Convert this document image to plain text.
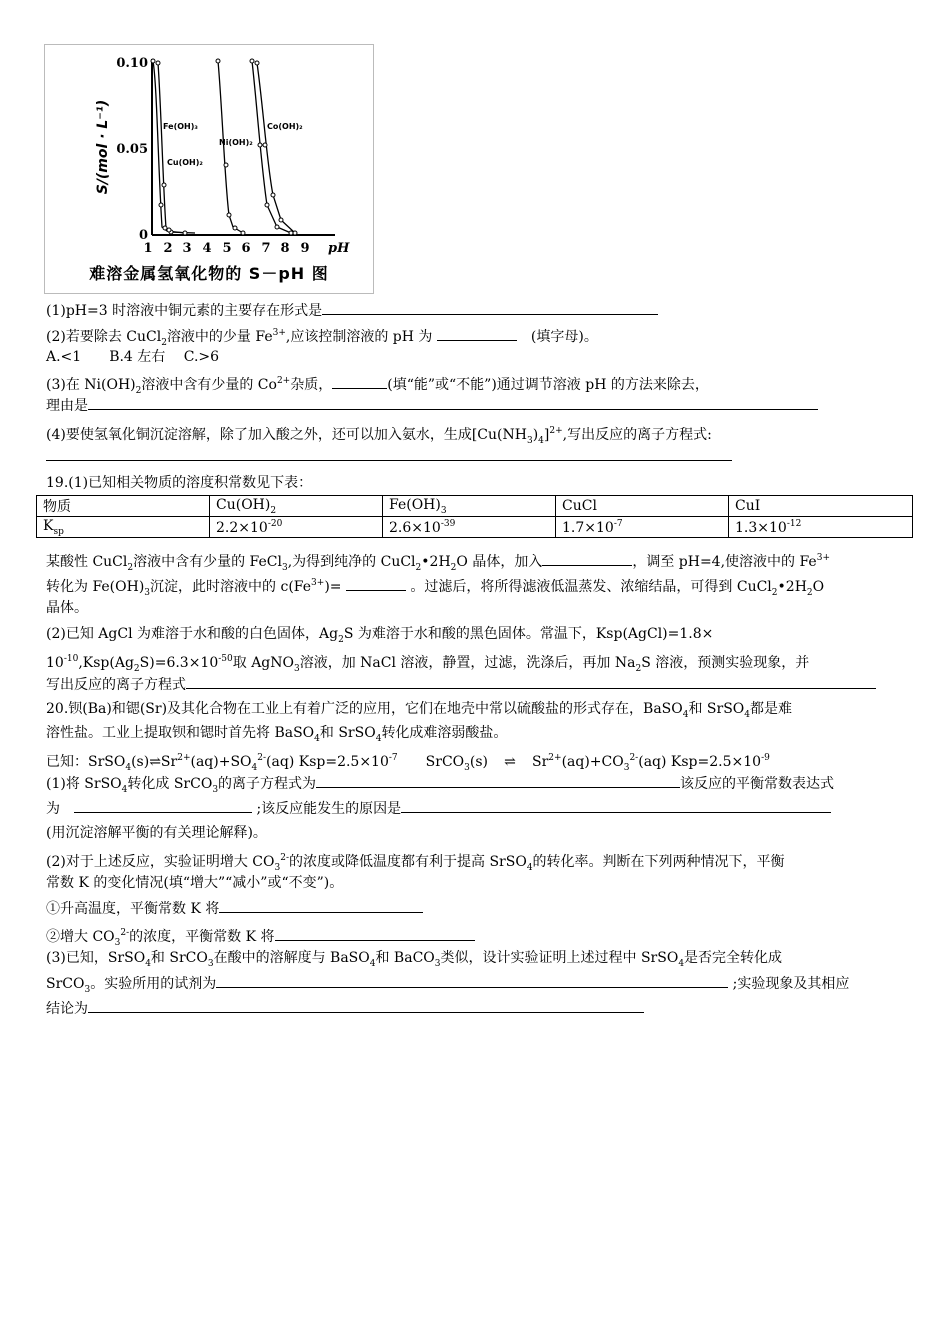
S/(mol · L⁻¹)
0.10
0.05
0
1 2 3 4 5 6 7 8 9 pH
Fe(OH)₃
Cu(OH)₂
Ni(OH)₂
Co(OH)₂
难溶金属氢氧化物的 S－pH 图
(1)pH=3 时溶液中铜元素的主要存在形式是
(2)若要除去 CuCl$_2$溶液中的少量 $Fe^{3+}$,应该控制溶液的 pH 为 　	(填字母)。
A.<1　　B.4 左右　 C.>6
(3)在 $Ni(OH)_2$溶液中含有少量的 $Co^{2+}$杂质，	(填“能”或“不能”)通过调节溶液 pH 的方法来除去，
理由是
(4)要使氢氧化铜沉淀溶解，除了加入酸之外，还可以加入氨水，生成$[Cu(NH_3)_4]^{2+}$,写出反应的离子方程式:
19.(1)已知相关物质的溶度积常数见下表：
物质	$Cu(OH)_2$	$Fe(OH)_3$	CuCl	CuI
$K_{sp}$	$2.2\times 10^{-20}$	$2.6\times 10^{-39}$	$1.7\times 10^{-7}$	$1.3\times 10^{-12}$
某酸性 CuCl$_2$溶液中含有少量的 FeCl$_3$,为得到纯净的 $CuCl_2•2H_2O$ 晶体，加入	，调至 pH=4,使溶液中的 $Fe^{3+}$
转化为 $Fe(OH)_3$沉淀，此时溶液中的 $c(Fe^{3+})=$	。过滤后，将所得滤液低温蒸发、浓缩结晶，可得到 $CuCl_2•2H_2O$
晶体。
(2)已知 AgCl 为难溶于水和酸的白色固体，$Ag_2S$ 为难溶于水和酸的黑色固体。常温下，Ksp(AgCl)=1.8×
$10^{-10},Ksp(Ag_2S)=6.3\times 10^{-50}$取 AgNO$_3$溶液，加 NaCl 溶液，静置，过滤，洗涤后，再加 $Na_2S$ 溶液，预测实验现象，并
写出反应的离子方程式
20.钡(Ba)和锶(Sr)及其化合物在工业上有着广泛的应用，它们在地壳中常以硫酸盐的形式存在，BaSO$_4$和 SrSO$_4$都是难
溶性盐。工业上提取钡和锶时首先将 BaSO$_4$和 SrSO$_4$转化成难溶弱酸盐。
已知：$SrSO_4(s)\rightleftharpoons Sr^{2+}(aq)+SO_4^{2-}(aq)$ $Ksp=2.5\times 10^{-7}$　　 SrCO$_3$(s) ⇌ $Sr^{2+}(aq)+CO_3^{2-}(aq)$ $Ksp=2.5\times 10^{-9}$
(1)将 SrSO$_4$转化成 SrCO$_3$的离子方程式为	该反应的平衡常数表达式
为　	;该反应能发生的原因是
(用沉淀溶解平衡的有关理论解释)。
(2)对于上述反应，实验证明增大 $CO_3^{2-}$的浓度或降低温度都有利于提高 SrSO$_4$的转化率。判断在下列两种情况下，平衡
常数 K 的变化情况(填“增大”“减小”或“不变”)。
①升高温度，平衡常数 K 将
②增大 $CO_3^{2-}$的浓度，平衡常数 K 将
(3)已知，SrSO$_4$和 SrCO$_3$在酸中的溶解度与 BaSO$_4$和 BaCO$_3$类似，设计实验证明上述过程中 SrSO$_4$是否完全转化成
SrCO$_3$。实验所用的试剂为	;实验现象及其相应
结论为
